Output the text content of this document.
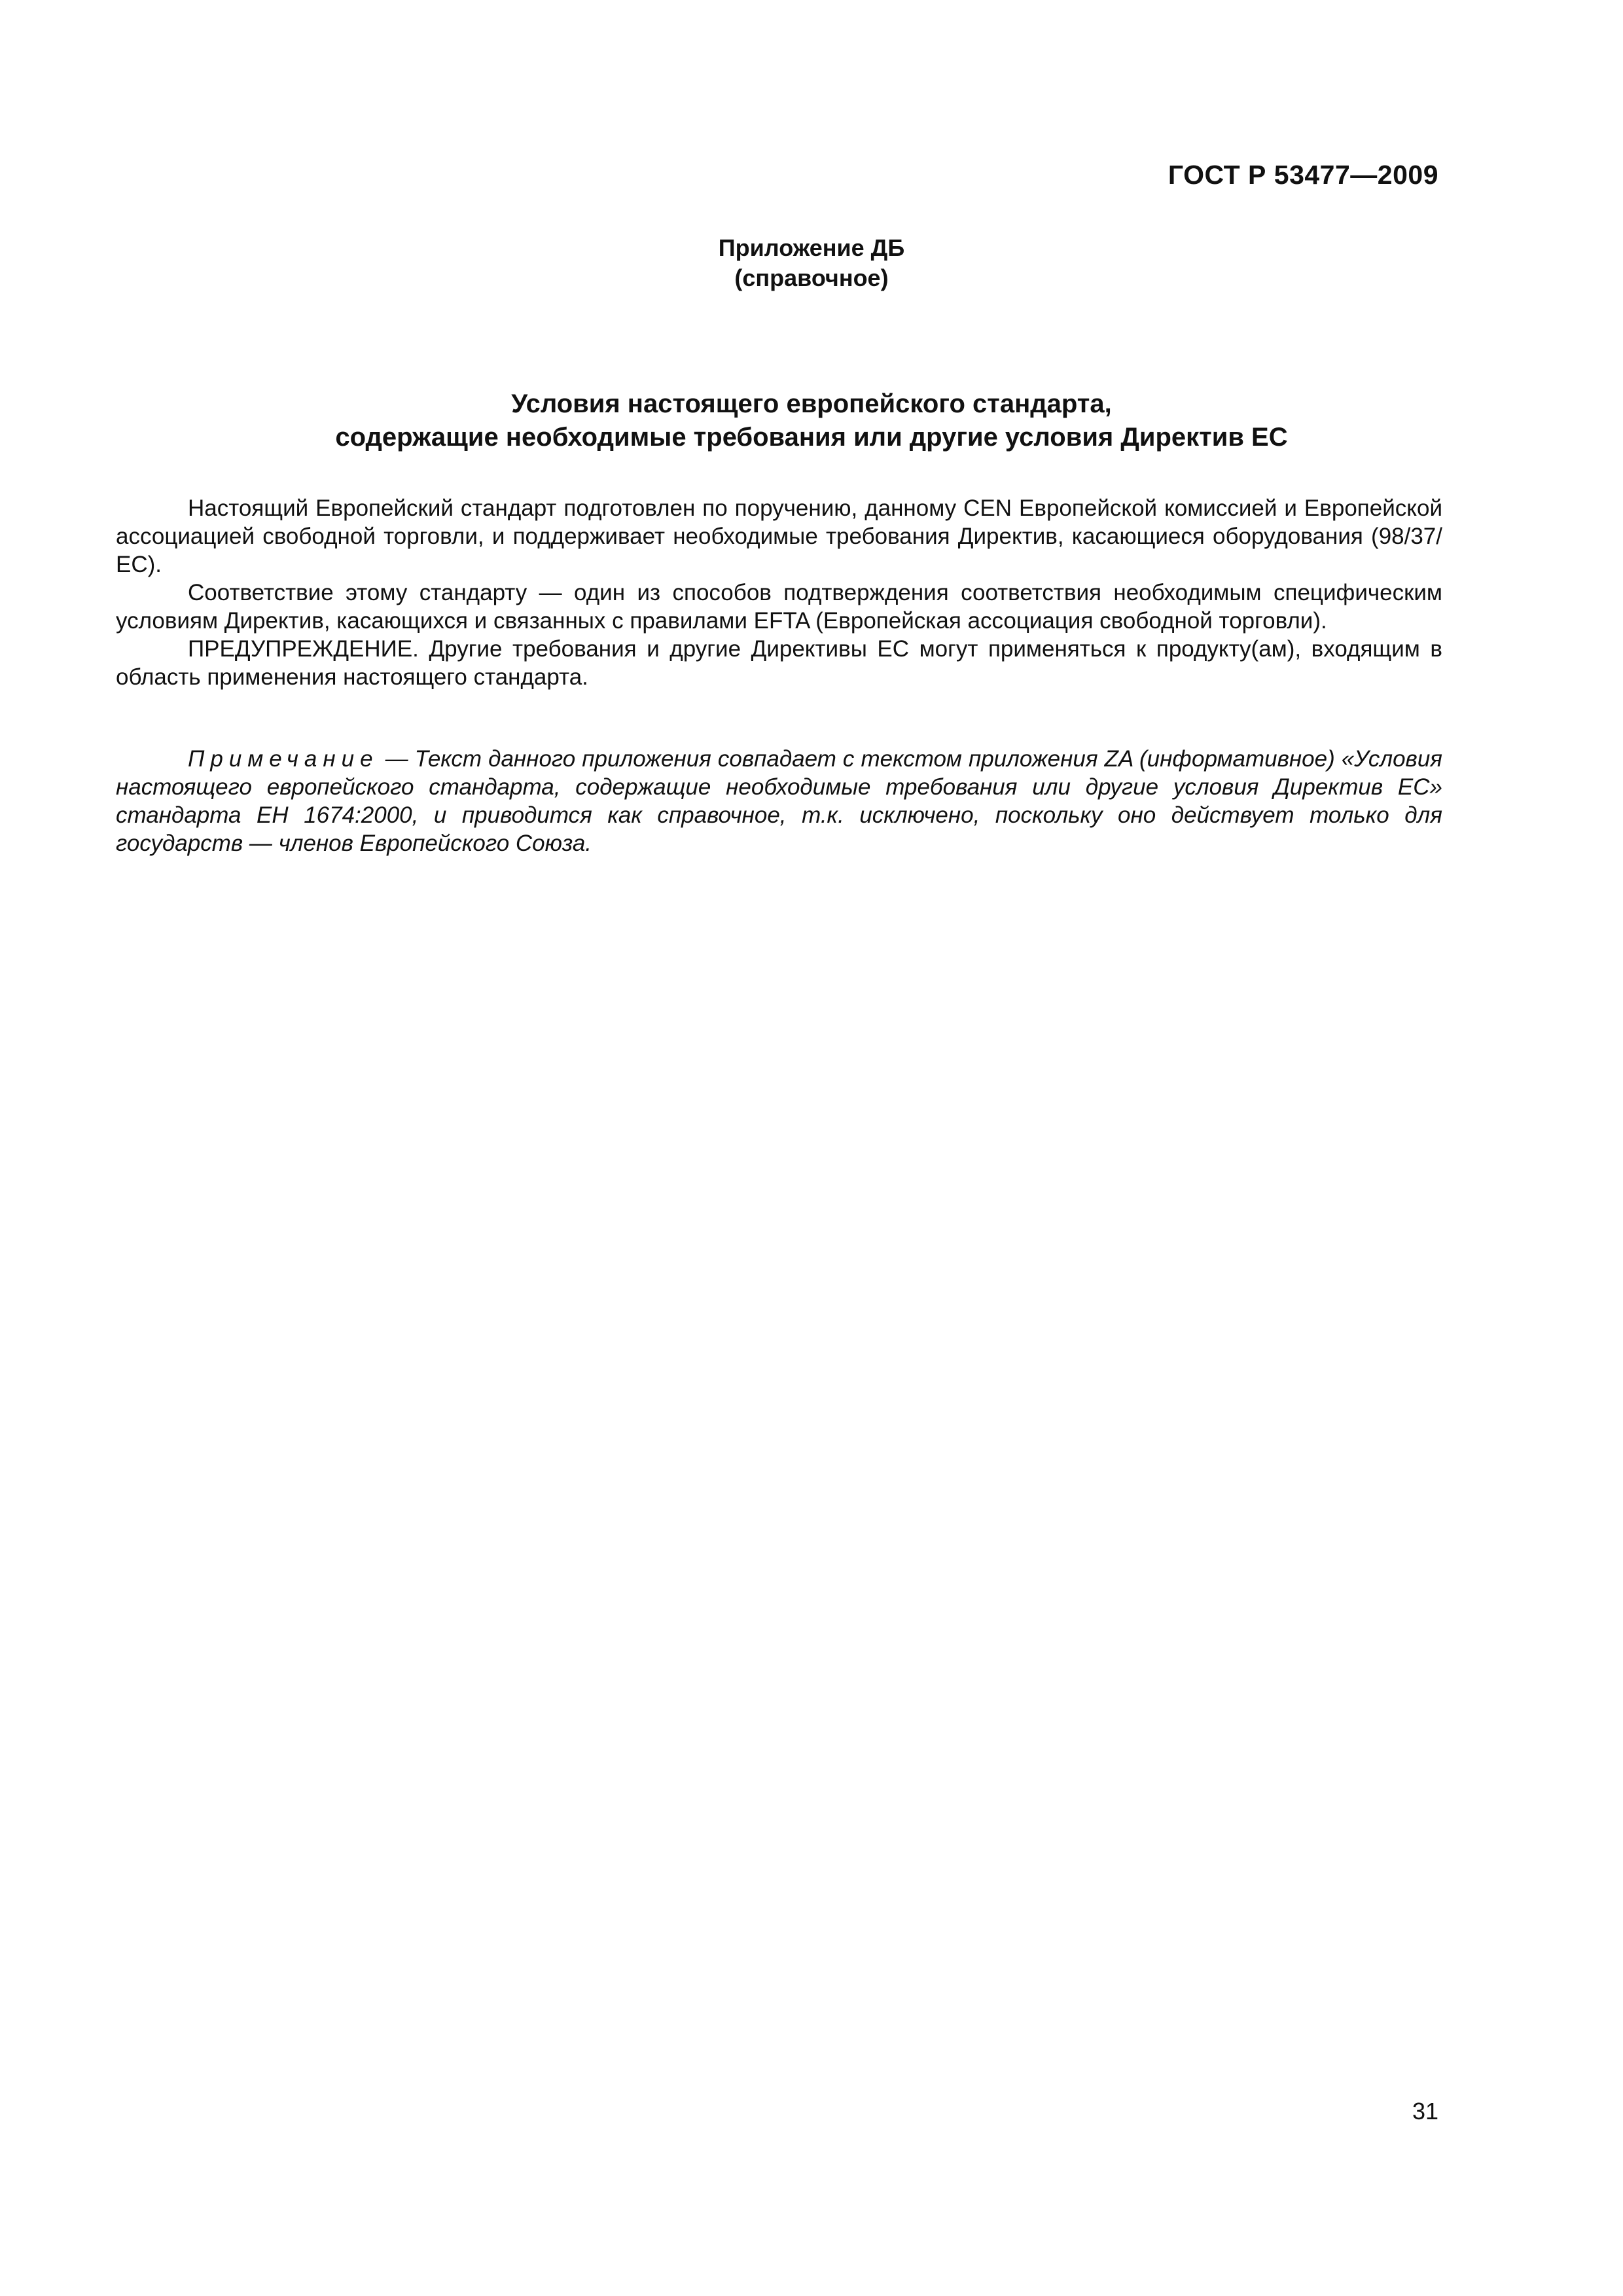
ГОСТ Р 53477—2009
Приложение ДБ
(справочное)
Условия настоящего европейского стандарта,
содержащие необходимые требования или другие условия Директив ЕС

Настоящий Европейский стандарт подготовлен по поручению, данному CEN Европейской комиссией и Европейской ассоциацией свободной торговли, и поддерживает необходимые требования Директив, касающиеся оборудования (98/37/ЕС).

Соответствие этому стандарту — один из способов подтверждения соответствия необходимым специфическим условиям Директив, касающихся и связанных с правилами EFTA (Европейская ассоциация свободной торговли).

ПРЕДУПРЕЖДЕНИЕ. Другие требования и другие Директивы ЕС могут применяться к продукту(ам), входящим в область применения настоящего стандарта.

Примечание — Текст данного приложения совпадает с текстом приложения ZA (информативное) «Условия настоящего европейского стандарта, содержащие необходимые требования или другие условия Директив ЕС» стандарта ЕН 1674:2000, и приводится как справочное, т.к. исключено, поскольку оно действует только для государств — членов Европейского Союза.
31
